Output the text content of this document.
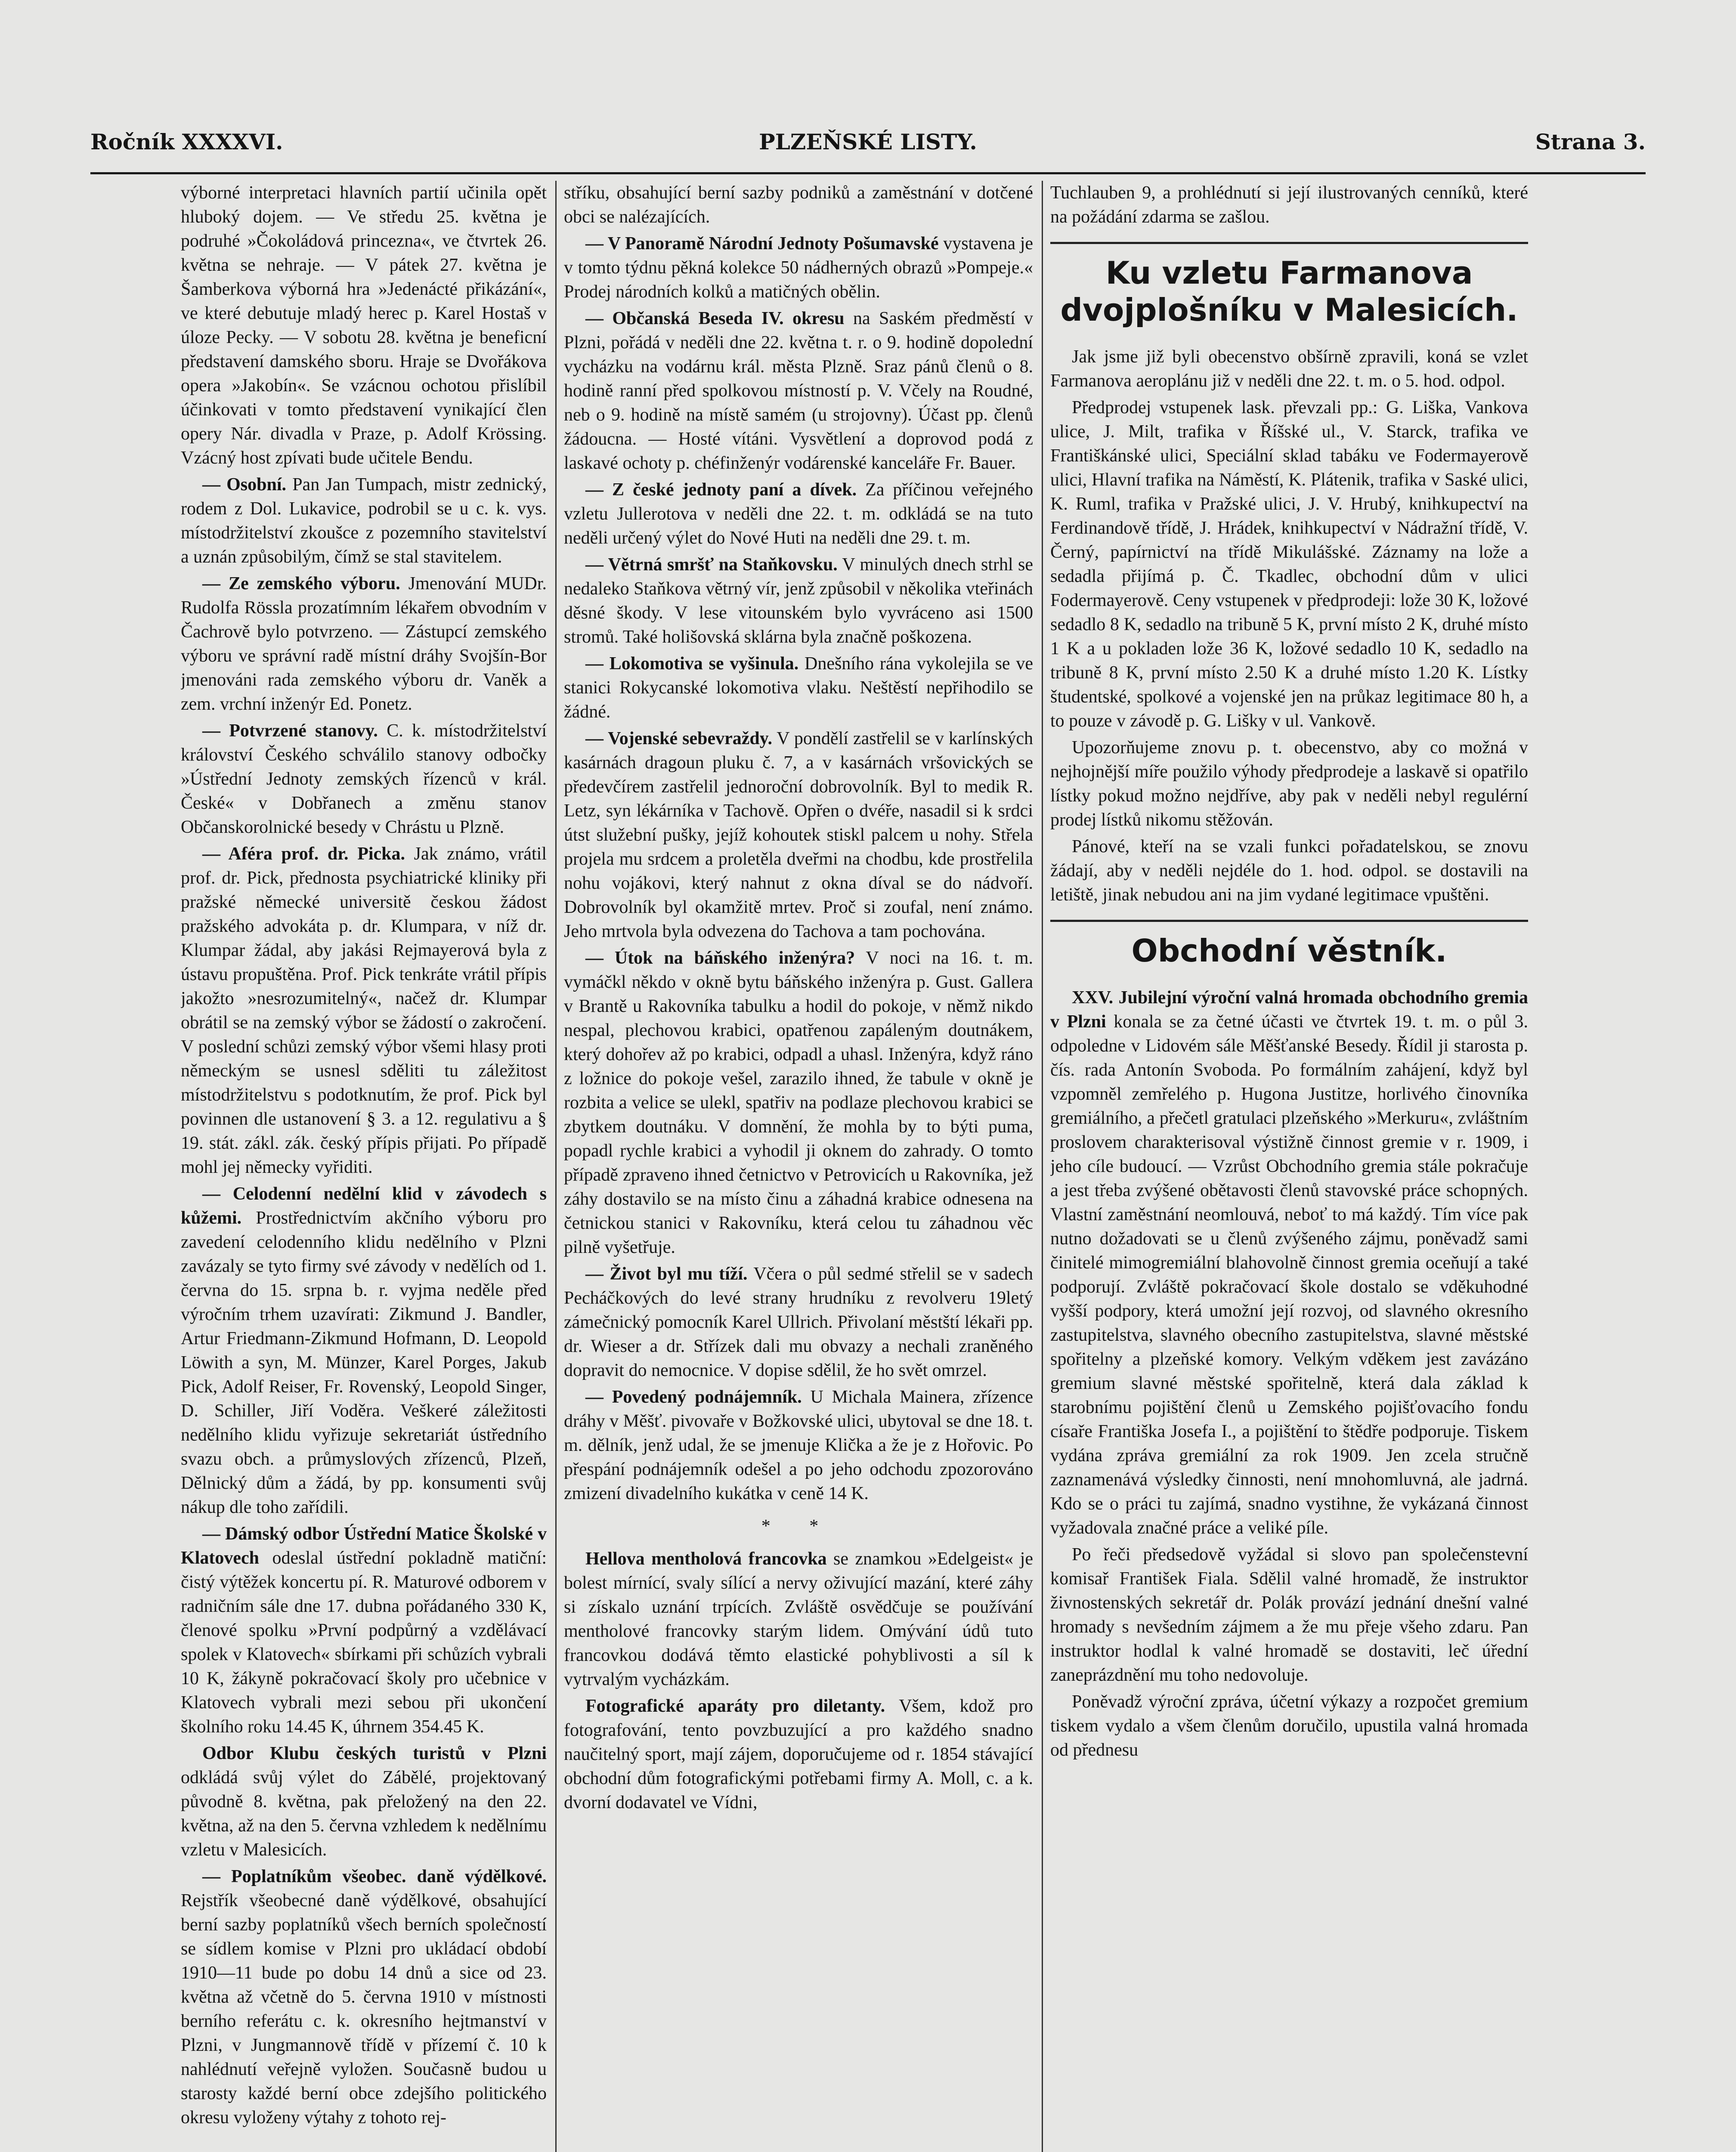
Ročník XXXXVI.	PLZEŇSKÉ LISTY.	Strana 3.

výborné interpretaci hlavních partií učinila opět hluboký dojem. — Ve středu 25. května je podruhé »Čokoládová princezna«, ve čtvrtek 26. května se nehraje. — V pátek 27. května je Šamberkova výborná hra »Jedenácté přikázání«, ve které debutuje mladý herec p. Karel Hostaš v úloze Pecky. — V sobotu 28. května je beneficní představení damského sboru. Hraje se Dvořákova opera »Jakobín«. Se vzácnou ochotou přislíbil účinkovati v tomto představení vynikající člen opery Nár. divadla v Praze, p. Adolf Krössing. Vzácný host zpívati bude učitele Bendu.

— Osobní. Pan Jan Tumpach, mistr zednický, rodem z Dol. Lukavice, podrobil se u c. k. vys. místodržitelství zkoušce z pozemního stavitelství a uznán způsobilým, čímž se stal stavitelem.

— Ze zemského výboru. Jmenování MUDr. Rudolfa Rössla prozatímním lékařem obvodním v Čachrově bylo potvrzeno. — Zástupcí zemského výboru ve správní radě místní dráhy Svojšín-Bor jmenováni rada zemského výboru dr. Vaněk a zem. vrchní inženýr Ed. Ponetz.

— Potvrzené stanovy. C. k. místodržitelství království Českého schválilo stanovy odbočky »Ústřední Jednoty zemských řízenců v král. České« v Dobřanech a změnu stanov Občanskorolnické besedy v Chrástu u Plzně.

— Aféra prof. dr. Picka. Jak známo, vrátil prof. dr. Pick, přednosta psychiatrické kliniky při pražské německé universitě českou žádost pražského advokáta p. dr. Klumpara, v níž dr. Klumpar žádal, aby jakási Rejmayerová byla z ústavu propuštěna. Prof. Pick tenkráte vrátil přípis jakožto »nesrozumitelný«, načež dr. Klumpar obrátil se na zemský výbor se žádostí o zakročení. V poslední schůzi zemský výbor všemi hlasy proti německým se usnesl sděliti tu záležitost místodržitelstvu s podotknutím, že prof. Pick byl povinnen dle ustanovení § 3. a 12. regulativu a § 19. stát. zákl. zák. český přípis přijati. Po případě mohl jej německy vyřiditi.

— Celodenní nedělní klid v závodech s kůžemi. Prostřednictvím akčního výboru pro zavedení celodenního klidu nedělního v Plzni zavázaly se tyto firmy své závody v nedělích od 1. června do 15. srpna b. r. vyjma neděle před výročním trhem uzavírati: Zikmund J. Bandler, Artur Friedmann-Zikmund Hofmann, D. Leopold Löwith a syn, M. Münzer, Karel Porges, Jakub Pick, Adolf Reiser, Fr. Rovenský, Leopold Singer, D. Schiller, Jiří Voděra. Veškeré záležitosti nedělního klidu vyřizuje sekretariát ústředního svazu obch. a průmyslových zřízenců, Plzeň, Dělnický dům a žádá, by pp. konsumenti svůj nákup dle toho zařídili.

— Dámský odbor Ústřední Matice Školské v Klatovech odeslal ústřední pokladně matiční: čistý výtěžek koncertu pí. R. Maturové odborem v radničním sále dne 17. dubna pořádaného 330 K, členové spolku »První podpůrný a vzdělávací spolek v Klatovech« sbírkami při schůzích vybrali 10 K, žákyně pokračovací školy pro učebnice v Klatovech vybrali mezi sebou při ukončení školního roku 14.45 K, úhrnem 354.45 K.

Odbor Klubu českých turistů v Plzni odkládá svůj výlet do Zábělé, projektovaný původně 8. května, pak přeložený na den 22. května, až na den 5. června vzhledem k nedělnímu vzletu v Malesicích.

— Poplatníkům všeobec. daně výdělkové. Rejstřík všeobecné daně výdělkové, obsahující berní sazby poplatníků všech berních společností se sídlem komise v Plzni pro ukládací období 1910—11 bude po dobu 14 dnů a sice od 23. května až včetně do 5. června 1910 v místnosti berního referátu c. k. okresního hejtmanství v Plzni, v Jungmannově třídě v přízemí č. 10 k nahlédnutí veřejně vyložen. Současně budou u starosty každé berní obce zdejšího politického okresu vyloženy výtahy z tohoto rej-

stříku, obsahující berní sazby podniků a zaměstnání v dotčené obci se nalézajících.

— V Panoramě Národní Jednoty Pošumavské vystavena je v tomto týdnu pěkná kolekce 50 nádherných obrazů »Pompeje.« Prodej národních kolků a matičných obělin.

— Občanská Beseda IV. okresu na Saském předměstí v Plzni, pořádá v neděli dne 22. května t. r. o 9. hodině dopolední vycházku na vodárnu král. města Plzně. Sraz pánů členů o 8. hodině ranní před spolkovou místností p. V. Včely na Roudné, neb o 9. hodině na místě samém (u strojovny). Účast pp. členů žádoucna. — Hosté vítáni. Vysvětlení a doprovod podá z laskavé ochoty p. chéfinženýr vodárenské kanceláře Fr. Bauer.

— Z české jednoty paní a dívek. Za příčinou veřejného vzletu Jullerotova v neděli dne 22. t. m. odkládá se na tuto neděli určený výlet do Nové Huti na neděli dne 29. t. m.

— Větrná smršť na Staňkovsku. V minulých dnech strhl se nedaleko Staňkova větrný vír, jenž způsobil v několika vteřinách děsné škody. V lese vitounském bylo vyvráceno asi 1500 stromů. Také holišovská sklárna byla značně poškozena.

— Lokomotiva se vyšinula. Dnešního rána vykolejila se ve stanici Rokycanské lokomotiva vlaku. Neštěstí nepřihodilo se žádné.

— Vojenské sebevraždy. V pondělí zastřelil se v karlínských kasárnách dragoun pluku č. 7, a v kasárnách vršovických se předevčírem zastřelil jednoroční dobrovolník. Byl to medik R. Letz, syn lékárníka v Tachově. Opřen o dvéře, nasadil si k srdci útst služební pušky, jejíž kohoutek stiskl palcem u nohy. Střela projela mu srdcem a proletěla dveřmi na chodbu, kde prostřelila nohu vojákovi, který nahnut z okna díval se do nádvoří. Dobrovolník byl okamžitě mrtev. Proč si zoufal, není známo. Jeho mrtvola byla odvezena do Tachova a tam pochována.

— Útok na báňského inženýra? V noci na 16. t. m. vymáčkl někdo v okně bytu báňského inženýra p. Gust. Gallera v Brantě u Rakovníka tabulku a hodil do pokoje, v němž nikdo nespal, plechovou krabici, opatřenou zapáleným doutnákem, který dohořev až po krabici, odpadl a uhasl. Inženýra, když ráno z ložnice do pokoje vešel, zarazilo ihned, že tabule v okně je rozbita a velice se ulekl, spatřiv na podlaze plechovou krabici se zbytkem doutnáku. V domnění, že mohla by to býti puma, popadl rychle krabici a vyhodil ji oknem do zahrady. O tomto případě zpraveno ihned četnictvo v Petrovicích u Rakovníka, jež záhy dostavilo se na místo činu a záhadná krabice odnesena na četnickou stanici v Rakovníku, která celou tu záhadnou věc pilně vyšetřuje.

— Život byl mu tíží. Včera o půl sedmé střelil se v sadech Pecháčkových do levé strany hrudníku z revolveru 19letý zámečnický pomocník Karel Ullrich. Přivolaní městští lékaři pp. dr. Wieser a dr. Střízek dali mu obvazy a nechali zraněného dopravit do nemocnice. V dopise sdělil, že ho svět omrzel.

— Povedený podnájemník. U Michala Mainera, zřízence dráhy v Měšť. pivovaře v Božkovské ulici, ubytoval se dne 18. t. m. dělník, jenž udal, že se jmenuje Klička a že je z Hořovic. Po přespání podnájemník odešel a po jeho odchodu zpozorováno zmizení divadelního kukátka v ceně 14 K.

* *

Hellova mentholová francovka se znamkou »Edelgeist« je bolest mírnící, svaly sílící a nervy oživující mazání, které záhy si získalo uznání trpících. Zvláště osvědčuje se používání mentholové francovky starým lidem. Omývání údů tuto francovkou dodává těmto elastické pohyblivosti a síl k vytrvalým vycházkám.

Fotografické aparáty pro diletanty. Všem, kdož pro fotografování, tento povzbuzující a pro každého snadno naučitelný sport, mají zájem, doporučujeme od r. 1854 stávající obchodní dům fotografickými potřebami firmy A. Moll, c. a k. dvorní dodavatel ve Vídni,

Tuchlauben 9, a prohlédnutí si její ilustrovaných cenníků, které na požádání zdarma se zašlou.

Ku vzletu Farmanova dvojplošníku v Malesicích.

Jak jsme již byli obecenstvo obšírně zpravili, koná se vzlet Farmanova aeroplánu již v neděli dne 22. t. m. o 5. hod. odpol.

Předprodej vstupenek lask. převzali pp.: G. Liška, Vankova ulice, J. Milt, trafika v Říšské ul., V. Starck, trafika ve Františkánské ulici, Speciální sklad tabáku ve Fodermayerově ulici, Hlavní trafika na Náměstí, K. Plátenik, trafika v Saské ulici, K. Ruml, trafika v Pražské ulici, J. V. Hrubý, knihkupectví na Ferdinandově třídě, J. Hrádek, knihkupectví v Nádražní třídě, V. Černý, papírnictví na třídě Mikulášské. Záznamy na lože a sedadla přijímá p. Č. Tkadlec, obchodní dům v ulici Fodermayerově. Ceny vstupenek v předprodeji: lože 30 K, ložové sedadlo 8 K, sedadlo na tribuně 5 K, první místo 2 K, druhé místo 1 K a u pokladen lože 36 K, ložové sedadlo 10 K, sedadlo na tribuně 8 K, první místo 2.50 K a druhé místo 1.20 K. Lístky študentské, spolkové a vojenské jen na průkaz legitimace 80 h, a to pouze v závodě p. G. Lišky v ul. Vankově.

Upozorňujeme znovu p. t. obecenstvo, aby co možná v nejhojnější míře použilo výhody předprodeje a laskavě si opatřilo lístky pokud možno nejdříve, aby pak v neděli nebyl regulérní prodej lístků nikomu stěžován.

Pánové, kteří na se vzali funkci pořadatelskou, se znovu žádají, aby v neděli nejdéle do 1. hod. odpol. se dostavili na letiště, jinak nebudou ani na jim vydané legitimace vpuštěni.

Obchodní věstník.

XXV. Jubilejní výroční valná hromada obchodního gremia v Plzni konala se za četné účasti ve čtvrtek 19. t. m. o půl 3. odpoledne v Lidovém sále Měšťanské Besedy. Řídil ji starosta p. čís. rada Antonín Svoboda. Po formálním zahájení, když byl vzpomněl zemřelého p. Hugona Justitze, horlivého činovníka gremiálního, a přečetl gratulaci plzeňského »Merkuru«, zvláštním proslovem charakterisoval výstižně činnost gremie v r. 1909, i jeho cíle budoucí. — Vzrůst Obchodního gremia stále pokračuje a jest třeba zvýšené obětavosti členů stavovské práce schopných. Vlastní zaměstnání neomlouvá, neboť to má každý. Tím více pak nutno dožadovati se u členů zvýšeného zájmu, poněvadž sami činitelé mimogremiální blahovolně činnost gremia oceňují a také podporují. Zvláště pokračovací škole dostalo se vděkuhodné vyšší podpory, která umožní její rozvoj, od slavného okresního zastupitelstva, slavného obecního zastupitelstva, slavné městské spořitelny a plzeňské komory. Velkým vděkem jest zavázáno gremium slavné městské spořitelně, která dala základ k starobnímu pojištění členů u Zemského pojišťovacího fondu císaře Františka Josefa I., a pojištění to štědře podporuje. Tiskem vydána zpráva gremiální za rok 1909. Jen zcela stručně zaznamenává výsledky činnosti, není mnohomluvná, ale jadrná. Kdo se o práci tu zajímá, snadno vystihne, že vykázaná činnost vyžadovala značné práce a veliké píle.

Po řeči předsedově vyžádal si slovo pan společenstevní komisař František Fiala. Sdělil valné hromadě, že instruktor živnostenských sekretář dr. Polák provází jednání dnešní valné hromady s nevšedním zájmem a že mu přeje všeho zdaru. Pan instruktor hodlal k valné hromadě se dostaviti, leč úřední zaneprázdnění mu toho nedovoluje.

Poněvadž výroční zpráva, účetní výkazy a rozpočet gremium tiskem vydalo a všem členům doručilo, upustila valná hromada od přednesu
